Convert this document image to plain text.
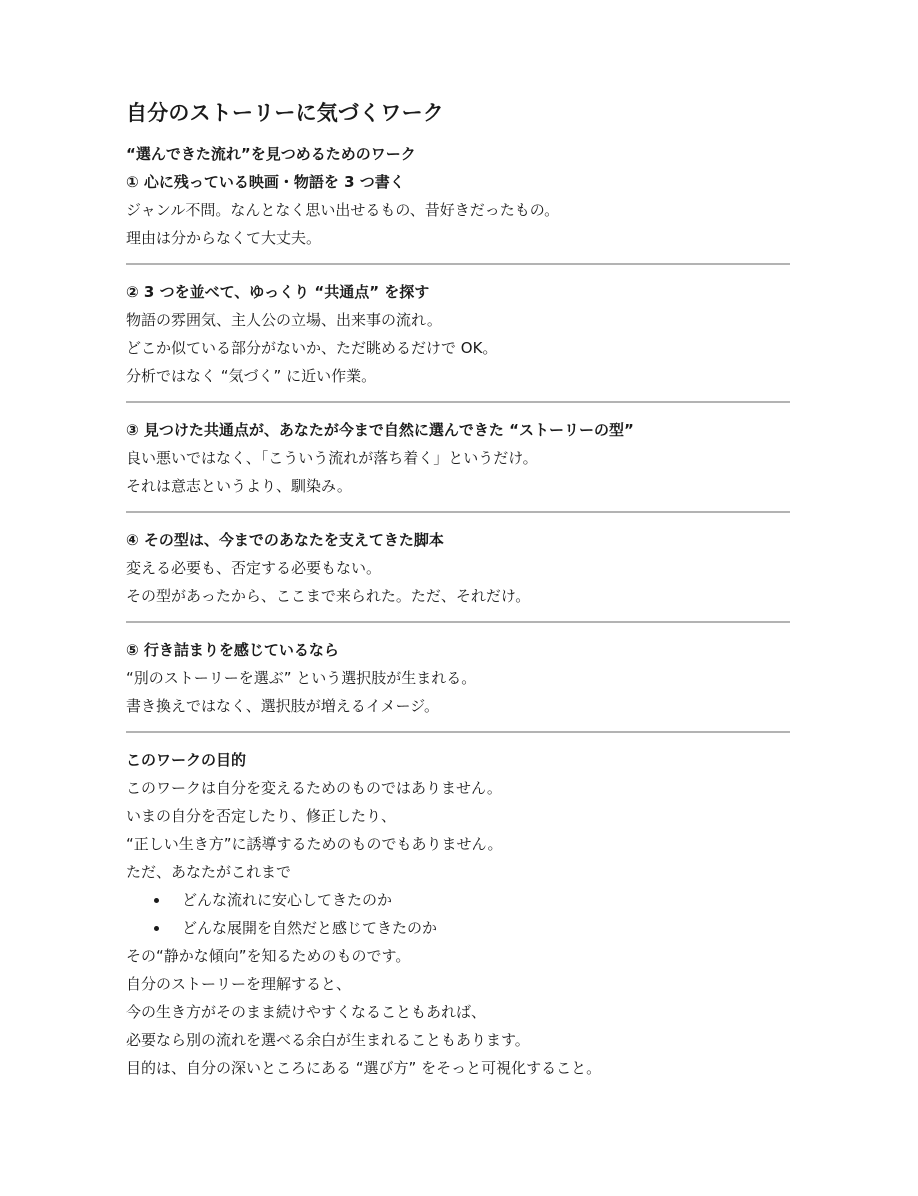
自分のストーリーに気づくワーク

“選んできた流れ”を見つめるためのワーク

① 心に残っている映画・物語を 3 つ書く

ジャンル不問。なんとなく思い出せるもの、昔好きだったもの。

理由は分からなくて大丈夫。

② 3 つを並べて、ゆっくり “共通点” を探す

物語の雰囲気、主人公の立場、出来事の流れ。

どこか似ている部分がないか、ただ眺めるだけで OK。

分析ではなく “気づく” に近い作業。

③ 見つけた共通点が、あなたが今まで自然に選んできた “ストーリーの型”

良い悪いではなく、「こういう流れが落ち着く」というだけ。

それは意志というより、馴染み。

④ その型は、今までのあなたを支えてきた脚本

変える必要も、否定する必要もない。

その型があったから、ここまで来られた。ただ、それだけ。

⑤ 行き詰まりを感じているなら

“別のストーリーを選ぶ” という選択肢が生まれる。

書き換えではなく、選択肢が増えるイメージ。

このワークの目的

このワークは自分を変えるためのものではありません。

いまの自分を否定したり、修正したり、

“正しい生き方”に誘導するためのものでもありません。

ただ、あなたがこれまで

どんな流れに安心してきたのか
どんな展開を自然だと感じてきたのか

その“静かな傾向”を知るためのものです。

自分のストーリーを理解すると、

今の生き方がそのまま続けやすくなることもあれば、

必要なら別の流れを選べる余白が生まれることもあります。

目的は、自分の深いところにある “選び方” をそっと可視化すること。
